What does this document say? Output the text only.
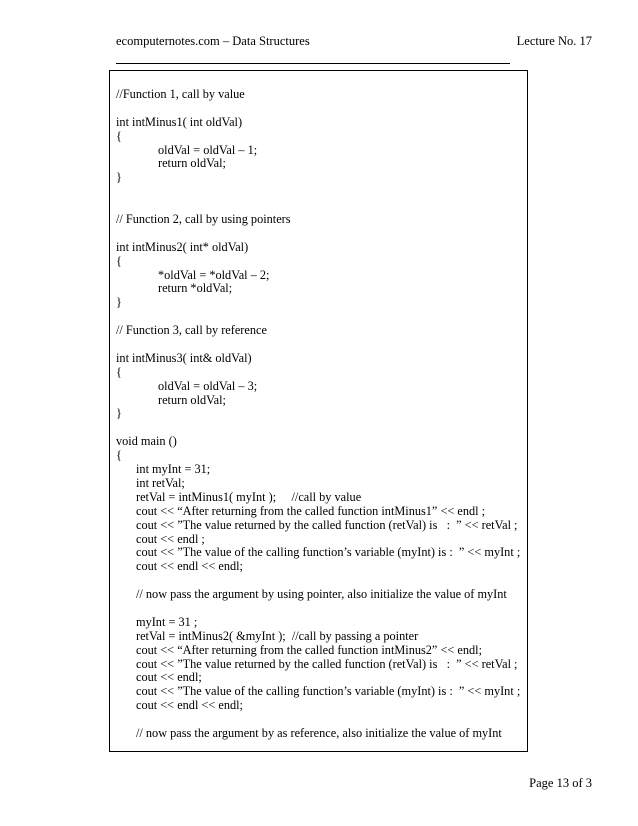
ecomputernotes.com – Data Structures	Lecture No. 17
//Function 1, call by value
int intMinus1( int oldVal)
{
oldVal = oldVal – 1;
return oldVal;
}
// Function 2, call by using pointers
int intMinus2( int* oldVal)
{
*oldVal = *oldVal – 2;
return *oldVal;
}
// Function 3, call by reference
int intMinus3( int& oldVal)
{
oldVal = oldVal – 3;
return oldVal;
}
void main ()
{
int myInt = 31;
int retVal;
retVal = intMinus1( myInt );     //call by value
cout << “After returning from the called function intMinus1” << endl ;
cout << ”The value returned by the called function (retVal) is   :  ” << retVal ;
cout << endl ;
cout << ”The value of the calling function’s variable (myInt) is :  ” << myInt ;
cout << endl << endl;
// now pass the argument by using pointer, also initialize the value of myInt
myInt = 31 ;
retVal = intMinus2( &myInt );  //call by passing a pointer
cout << “After returning from the called function intMinus2” << endl;
cout << ”The value returned by the called function (retVal) is   :  ” << retVal ;
cout << endl;
cout << ”The value of the calling function’s variable (myInt) is :  ” << myInt ;
cout << endl << endl;
// now pass the argument by as reference, also initialize the value of myInt
Page 13 of 3
